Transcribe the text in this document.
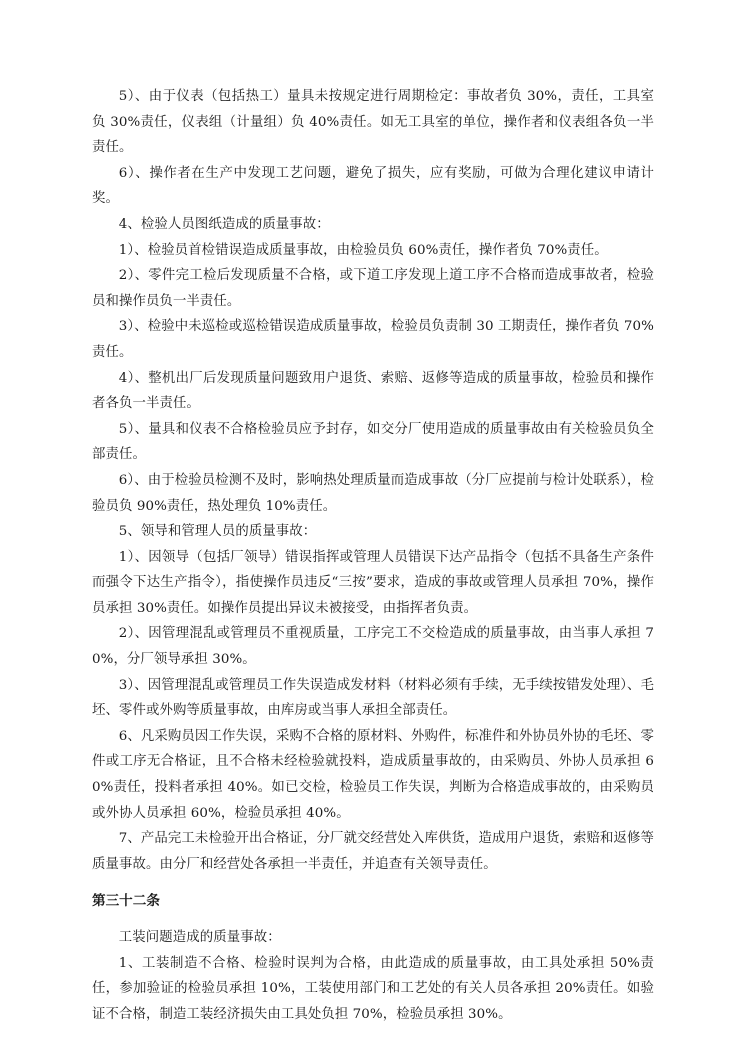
5）、由于仪表（包括热工）量具未按规定进行周期检定：事故者负 30%，责任，工具室负 30%责任，仪表组（计量组）负 40%责任。如无工具室的单位，操作者和仪表组各负一半责任。

6）、操作者在生产中发现工艺问题，避免了损失，应有奖励，可做为合理化建议申请计奖。

4、检验人员图纸造成的质量事故：

1）、检验员首检错误造成质量事故，由检验员负 60%责任，操作者负 70%责任。

2）、零件完工检后发现质量不合格，或下道工序发现上道工序不合格而造成事故者，检验员和操作员负一半责任。

3）、检验中未巡检或巡检错误造成质量事故，检验员负责制 30 工期责任，操作者负 70%责任。

4）、整机出厂后发现质量问题致用户退货、索赔、返修等造成的质量事故，检验员和操作者各负一半责任。

5）、量具和仪表不合格检验员应予封存，如交分厂使用造成的质量事故由有关检验员负全部责任。

6）、由于检验员检测不及时，影响热处理质量而造成事故（分厂应提前与检计处联系），检验员负 90%责任，热处理负 10%责任。

5、领导和管理人员的质量事故：

1）、因领导（包括厂领导）错误指挥或管理人员错误下达产品指令（包括不具备生产条件而强令下达生产指令），指使操作员违反“三按”要求，造成的事故或管理人员承担 70%，操作员承担 30%责任。如操作员提出异议未被接受，由指挥者负责。

2）、因管理混乱或管理员不重视质量，工序完工不交检造成的质量事故，由当事人承担 70%，分厂领导承担 30%。

3）、因管理混乱或管理员工作失误造成发材料（材料必须有手续，无手续按错发处理）、毛坯、零件或外购等质量事故，由库房或当事人承担全部责任。

6、凡采购员因工作失误，采购不合格的原材料、外购件，标准件和外协员外协的毛坯、零件或工序无合格证，且不合格未经检验就投料，造成质量事故的，由采购员、外协人员承担 60%责任，投料者承担 40%。如已交检，检验员工作失误，判断为合格造成事故的，由采购员或外协人员承担 60%，检验员承担 40%。

7、产品完工未检验开出合格证，分厂就交经营处入库供货，造成用户退货，索赔和返修等质量事故。由分厂和经营处各承担一半责任，并追查有关领导责任。

第三十二条

工装问题造成的质量事故：

1、工装制造不合格、检验时误判为合格，由此造成的质量事故，由工具处承担 50%责任，参加验证的检验员承担 10%，工装使用部门和工艺处的有关人员各承担 20%责任。如验证不合格，制造工装经济损失由工具处负担 70%，检验员承担 30%。
